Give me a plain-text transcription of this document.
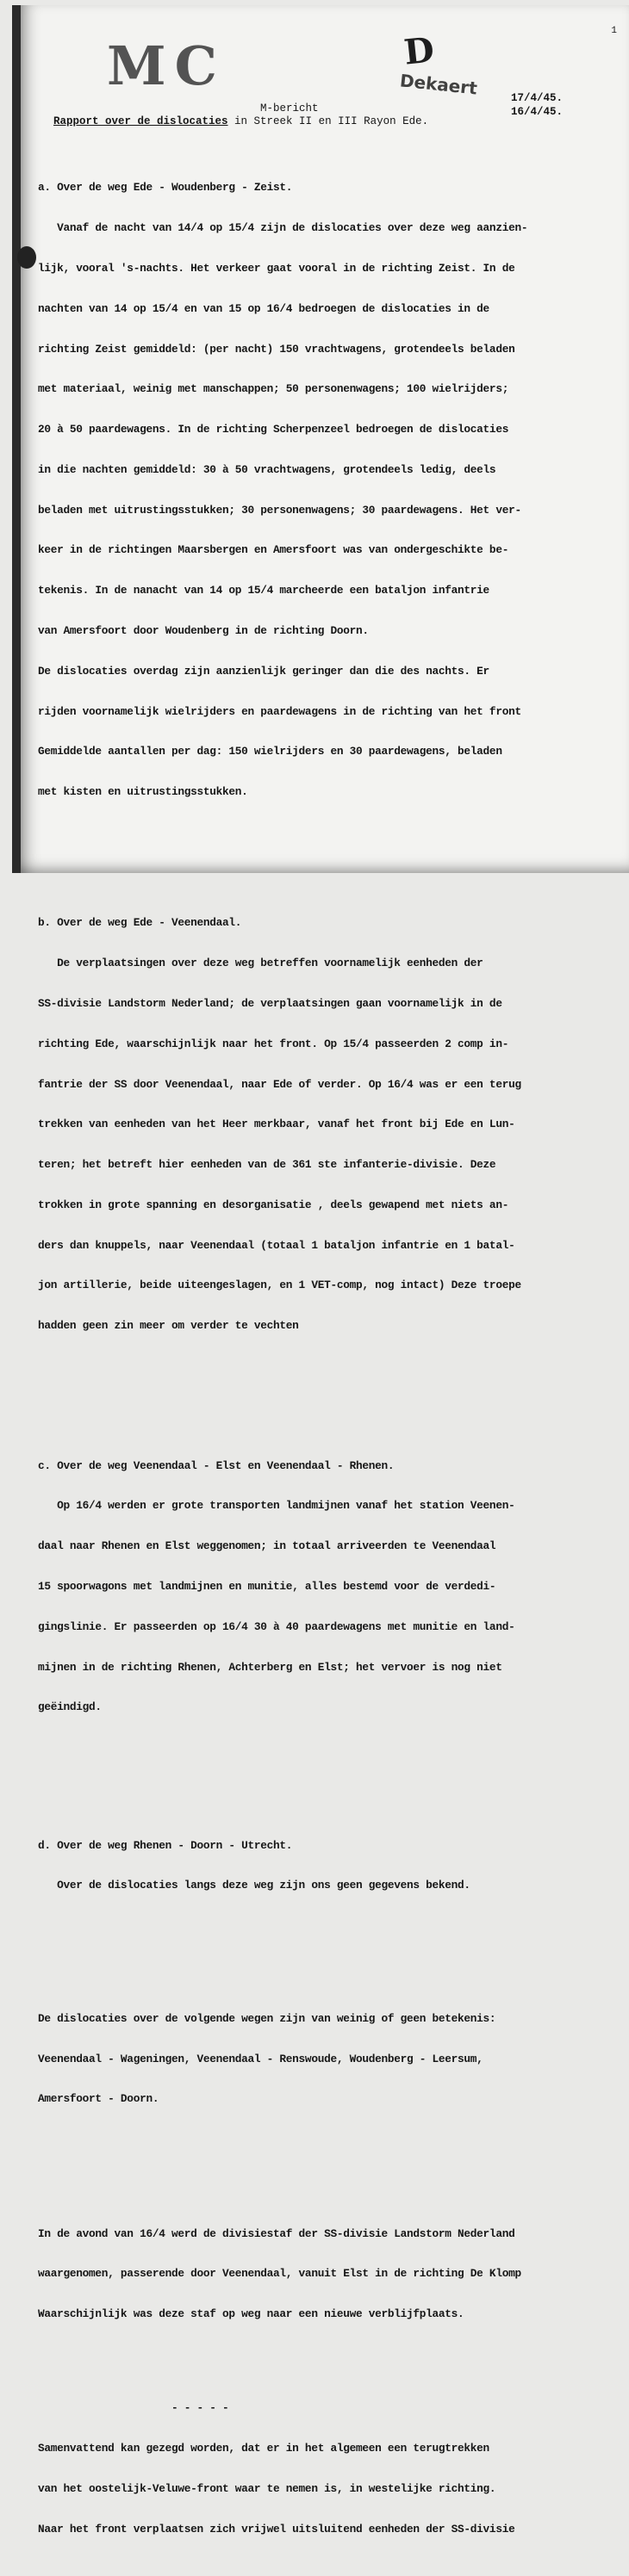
1
MC	D
Dekaert	17/4/45.
16/4/45.
M-bericht
Rapport over de dislocaties in Streek II en III Rayon Ede.

a. Over de weg Ede - Woudenberg - Zeist.

Vanaf de nacht van 14/4 op 15/4 zijn de dislocaties over deze weg aanzien-

lijk, vooral 's-nachts. Het verkeer gaat vooral in de richting Zeist. In de

nachten van 14 op 15/4 en van 15 op 16/4 bedroegen de dislocaties in de

richting Zeist gemiddeld: (per nacht) 150 vrachtwagens, grotendeels beladen

met materiaal, weinig met manschappen; 50 personenwagens; 100 wielrijders;

20 à 50 paardewagens. In de richting Scherpenzeel bedroegen de dislocaties

in die nachten gemiddeld: 30 à 50 vrachtwagens, grotendeels ledig, deels

beladen met uitrustingsstukken; 30 personenwagens; 30 paardewagens. Het ver-

keer in de richtingen Maarsbergen en Amersfoort was van ondergeschikte be-

tekenis. In de nanacht van 14 op 15/4 marcheerde een bataljon infantrie

van Amersfoort door Woudenberg in de richting Doorn.

De dislocaties overdag zijn aanzienlijk geringer dan die des nachts. Er

rijden voornamelijk wielrijders en paardewagens in de richting van het front

Gemiddelde aantallen per dag: 150 wielrijders en 30 paardewagens, beladen

met kisten en uitrustingsstukken.

b. Over de weg Ede - Veenendaal.

De verplaatsingen over deze weg betreffen voornamelijk eenheden der

SS-divisie Landstorm Nederland; de verplaatsingen gaan voornamelijk in de

richting Ede, waarschijnlijk naar het front. Op 15/4 passeerden 2 comp in-

fantrie der SS door Veenendaal, naar Ede of verder. Op 16/4 was er een terug

trekken van eenheden van het Heer merkbaar, vanaf het front bij Ede en Lun-

teren; het betreft hier eenheden van de 361 ste infanterie-divisie. Deze

trokken in grote spanning en desorganisatie , deels gewapend met niets an-

ders dan knuppels, naar Veenendaal (totaal 1 bataljon infantrie en 1 batal-

jon artillerie, beide uiteengeslagen, en 1 VET-comp, nog intact) Deze troepe

hadden geen zin meer om verder te vechten

c. Over de weg Veenendaal - Elst en Veenendaal - Rhenen.

Op 16/4 werden er grote transporten landmijnen vanaf het station Veenen-

daal naar Rhenen en Elst weggenomen; in totaal arriveerden te Veenendaal

15 spoorwagons met landmijnen en munitie, alles bestemd voor de verdedi-

gingslinie. Er passeerden op 16/4 30 à 40 paardewagens met munitie en land-

mijnen in de richting Rhenen, Achterberg en Elst; het vervoer is nog niet

geëindigd.

d. Over de weg Rhenen - Doorn - Utrecht.

Over de dislocaties langs deze weg zijn ons geen gegevens bekend.

De dislocaties over de volgende wegen zijn van weinig of geen betekenis:

Veenendaal - Wageningen, Veenendaal - Renswoude, Woudenberg - Leersum,

Amersfoort - Doorn.

In de avond van 16/4 werd de divisiestaf der SS-divisie Landstorm Nederland

waargenomen, passerende door Veenendaal, vanuit Elst in de richting De Klomp

Waarschijnlijk was deze staf op weg naar een nieuwe verblijfplaats.

- - - - -

Samenvattend kan gezegd worden, dat er in het algemeen een terugtrekken

van het oostelijk-Veluwe-front waar te nemen is, in westelijke richting.

Naar het front verplaatsen zich vrijwel uitsluitend eenheden der SS-divisie
